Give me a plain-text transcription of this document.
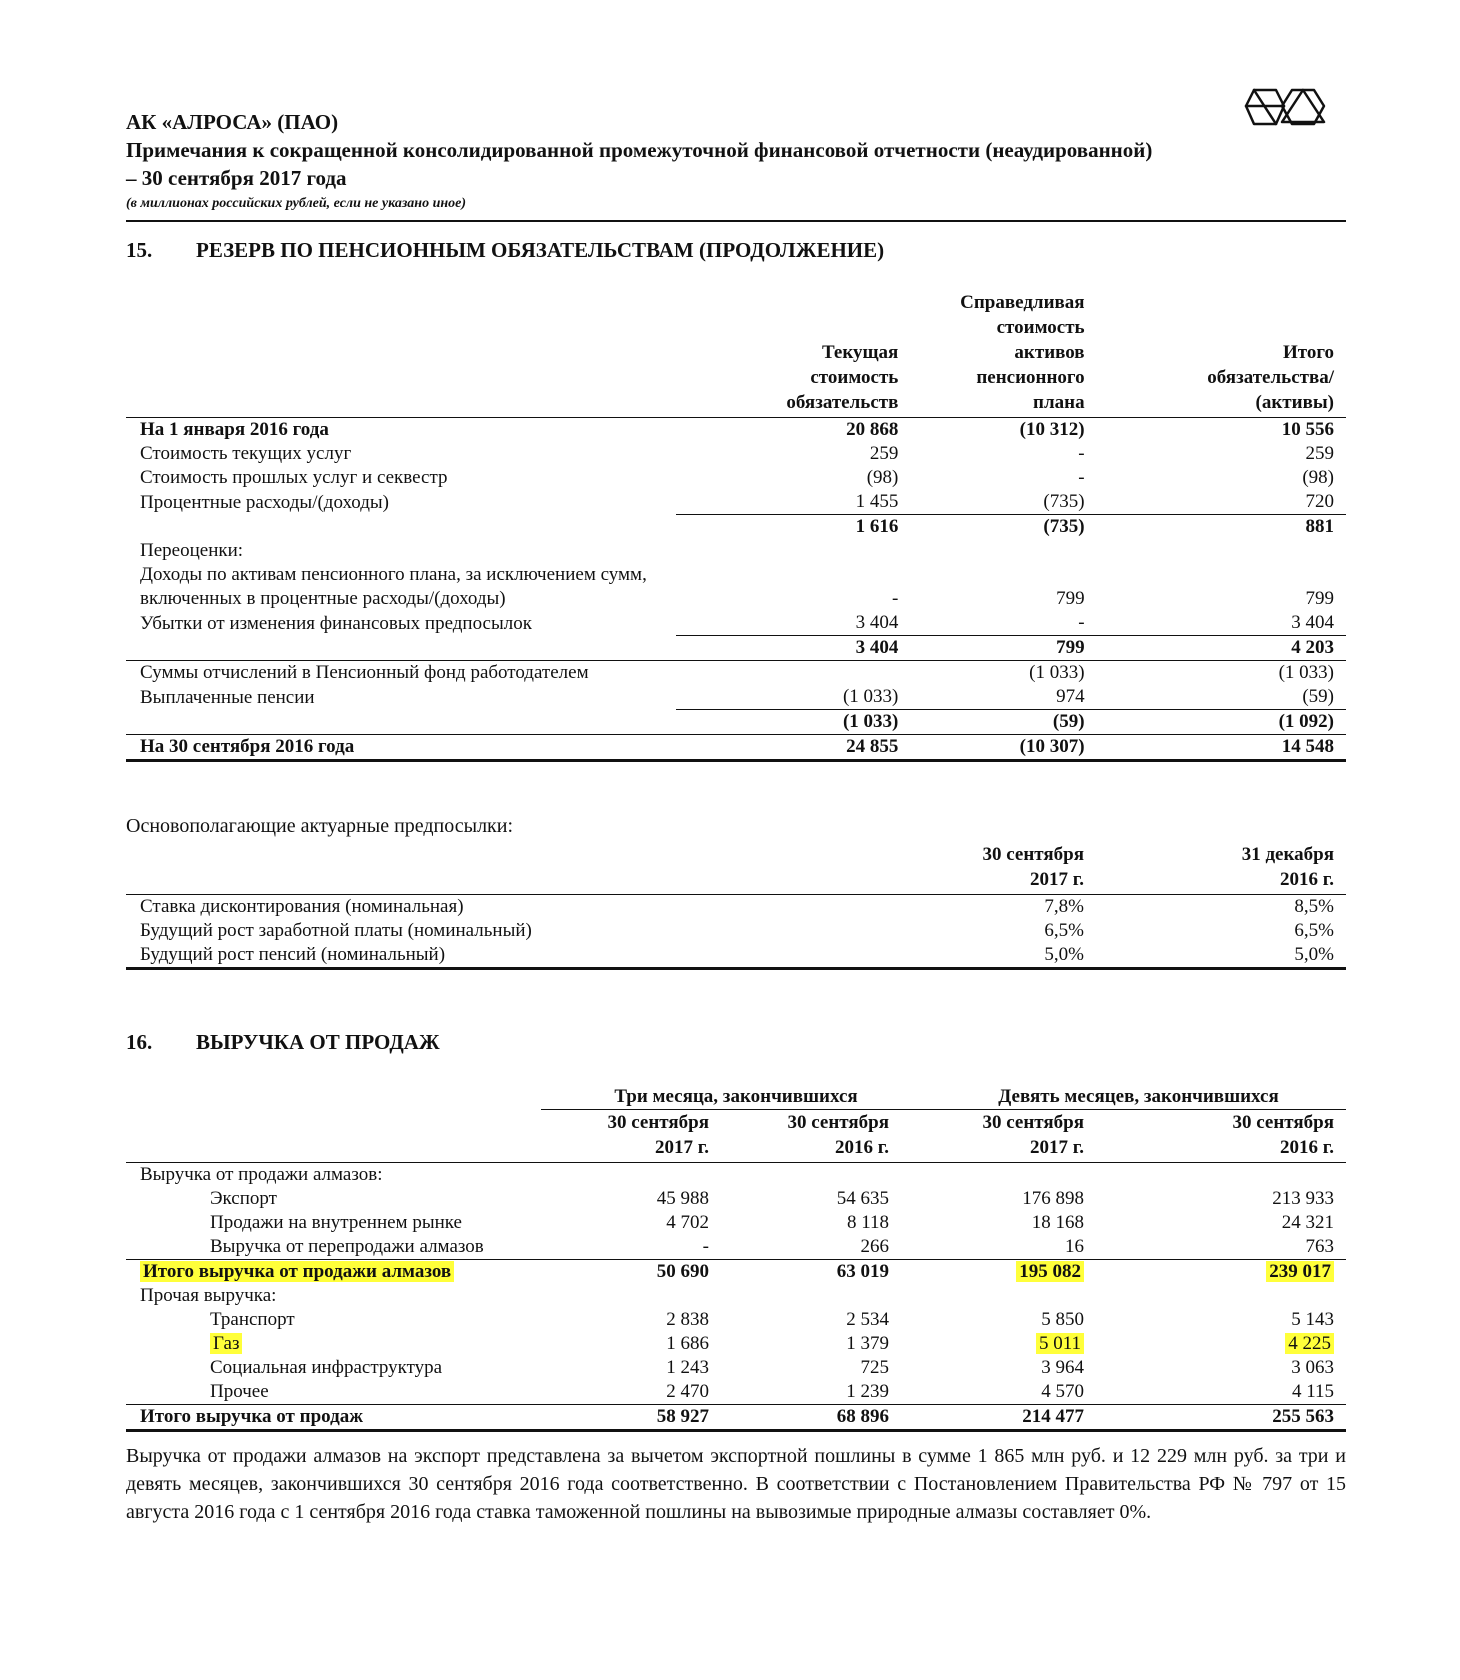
АК «АЛРОСА» (ПАО)
Примечания к сокращенной консолидированной промежуточной финансовой отчетности (неаудированной)
– 30 сентября 2017 года
(в миллионах российских рублей, если не указано иное)
15. РЕЗЕРВ ПО ПЕНСИОННЫМ ОБЯЗАТЕЛЬСТВАМ (ПРОДОЛЖЕНИЕ)
	Текущая стоимость обязательств	Справедливая стоимость активов пенсионного плана	Итого обязательства/ (активы)
На 1 января 2016 года	20 868	(10 312)	10 556
Стоимость текущих услуг	259	-	259
Стоимость прошлых услуг и секвестр	(98)	-	(98)
Процентные расходы/(доходы)	1 455	(735)	720
	1 616	(735)	881
Переоценки:			
Доходы по активам пенсионного плана, за исключением сумм,			
включенных в процентные расходы/(доходы)	-	799	799
Убытки от изменения финансовых предпосылок	3 404	-	3 404
	3 404	799	4 203
Суммы отчислений в Пенсионный фонд работодателем		(1 033)	(1 033)
Выплаченные пенсии	(1 033)	974	(59)
	(1 033)	(59)	(1 092)
На 30 сентября 2016 года	24 855	(10 307)	14 548
Основополагающие актуарные предпосылки:
	30 сентября 2017 г.	31 декабря 2016 г.
Ставка дисконтирования (номинальная)	7,8%	8,5%
Будущий рост заработной платы (номинальный)	6,5%	6,5%
Будущий рост пенсий (номинальный)	5,0%	5,0%
16. ВЫРУЧКА ОТ ПРОДАЖ
	Три месяца, закончившихся		Девять месяцев, закончившихся	
	30 сентября 2017 г.	30 сентября 2016 г.	30 сентября 2017 г.	30 сентября 2016 г.
Выручка от продажи алмазов:				
Экспорт	45 988	54 635	176 898	213 933
Продажи на внутреннем рынке	4 702	8 118	18 168	24 321
Выручка от перепродажи алмазов	-	266	16	763
Итого выручка от продажи алмазов	50 690	63 019	195 082	239 017
Прочая выручка:				
Транспорт	2 838	2 534	5 850	5 143
Газ	1 686	1 379	5 011	4 225
Социальная инфраструктура	1 243	725	3 964	3 063
Прочее	2 470	1 239	4 570	4 115
Итого выручка от продаж	58 927	68 896	214 477	255 563
Выручка от продажи алмазов на экспорт представлена за вычетом экспортной пошлины в сумме 1 865 млн руб. и 12 229 млн руб. за три и девять месяцев, закончившихся 30 сентября 2016 года соответственно. В соответствии с Постановлением Правительства РФ № 797 от 15 августа 2016 года с 1 сентября 2016 года ставка таможенной пошлины на вывозимые природные алмазы составляет 0%.
